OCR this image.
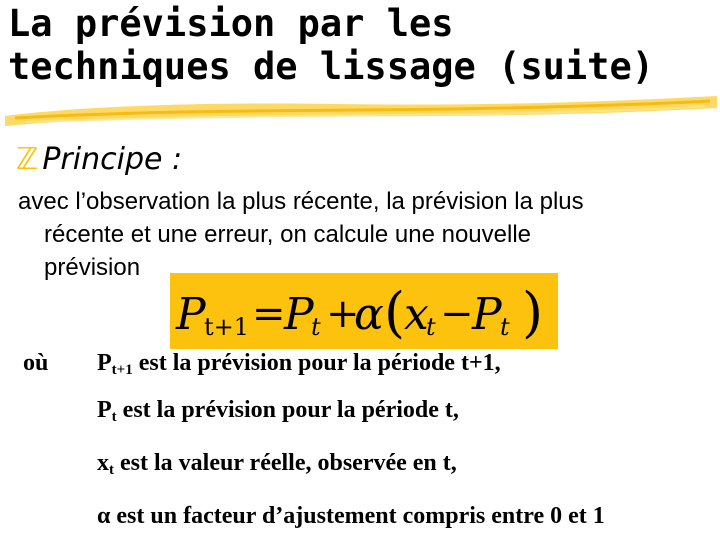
La prévision par les
techniques de lissage (suite)
ℤ Principe :
avec l’observation la plus récente, la prévision la plus
récente et une erreur, on calcule une nouvelle
prévision
P
t+1 =
P
t +
α (
x
t −
P
t )
où $P_{t+1}$ est la prévision pour la période t+1,
$P_t$ est la prévision pour la période t,
$x_t$ est la valeur réelle, observée en t,
α est un facteur d’ajustement compris entre 0 et 1
